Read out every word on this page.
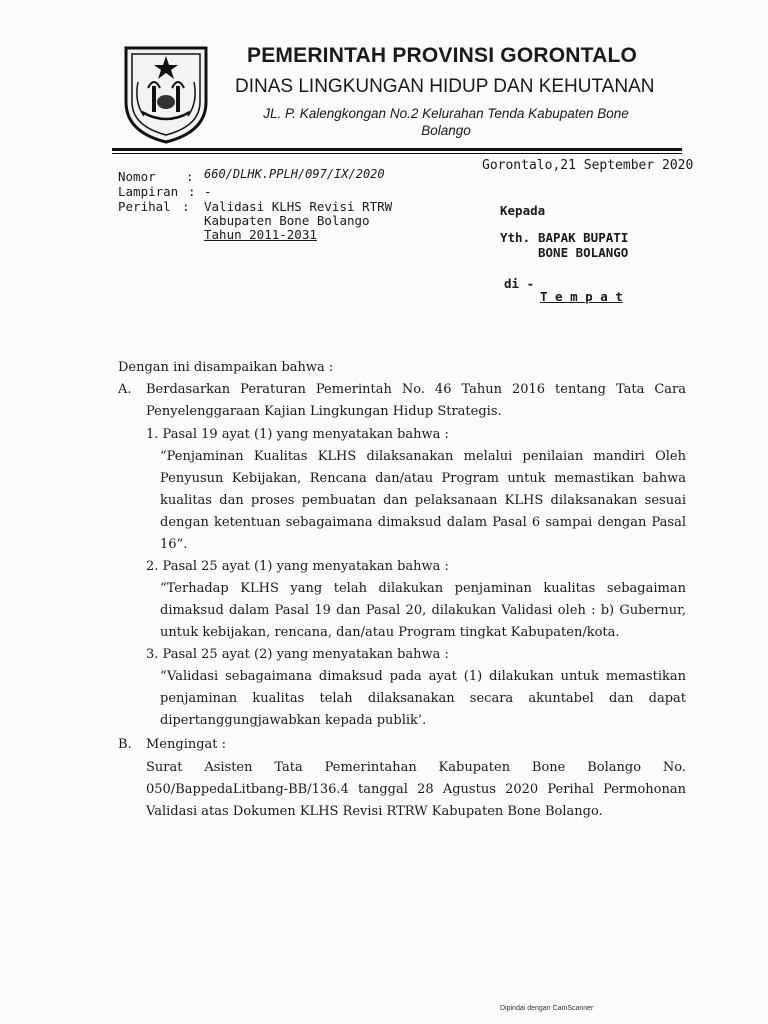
PEMERINTAH PROVINSI GORONTALO
DINAS LINGKUNGAN HIDUP DAN KEHUTANAN
JL. P. Kalengkongan No.2 Kelurahan Tenda Kabupaten Bone
Bolango
Nomor : 660/DLHK.PPLH/097/IX/2020
Lampiran : -
Perihal : Validasi KLHS Revisi RTRW
Kabupaten Bone Bolango
Tahun 2011-2031
Gorontalo,21 September 2020
Kepada
Yth. BAPAK BUPATI
BONE BOLANGO
di -
T e m p a t
Dengan ini disampaikan bahwa :
A. Berdasarkan Peraturan Pemerintah No. 46 Tahun 2016 tentang Tata Cara
Penyelenggaraan Kajian Lingkungan Hidup Strategis.
1. Pasal 19 ayat (1) yang menyatakan bahwa :
“Penjaminan Kualitas KLHS dilaksanakan melalui penilaian mandiri Oleh
Penyusun Kebijakan, Rencana dan/atau Program untuk memastikan bahwa
kualitas dan proses pembuatan dan pelaksanaan KLHS dilaksanakan sesuai
dengan ketentuan sebagaimana dimaksud dalam Pasal 6 sampai dengan Pasal
16”.
2. Pasal 25 ayat (1) yang menyatakan bahwa :
“Terhadap KLHS yang telah dilakukan penjaminan kualitas sebagaiman
dimaksud dalam Pasal 19 dan Pasal 20, dilakukan Validasi oleh : b) Gubernur,
untuk kebijakan, rencana, dan/atau Program tingkat Kabupaten/kota.
3. Pasal 25 ayat (2) yang menyatakan bahwa :
“Validasi sebagaimana dimaksud pada ayat (1) dilakukan untuk memastikan
penjaminan kualitas telah dilaksanakan secara akuntabel dan dapat
dipertanggungjawabkan kepada publik’.
B. Mengingat :
Surat Asisten Tata Pemerintahan Kabupaten Bone Bolango No.
050/BappedaLitbang-BB/136.4 tanggal 28 Agustus 2020 Perihal Permohonan
Validasi atas Dokumen KLHS Revisi RTRW Kabupaten Bone Bolango.
Dipindai dengan CamScanner
